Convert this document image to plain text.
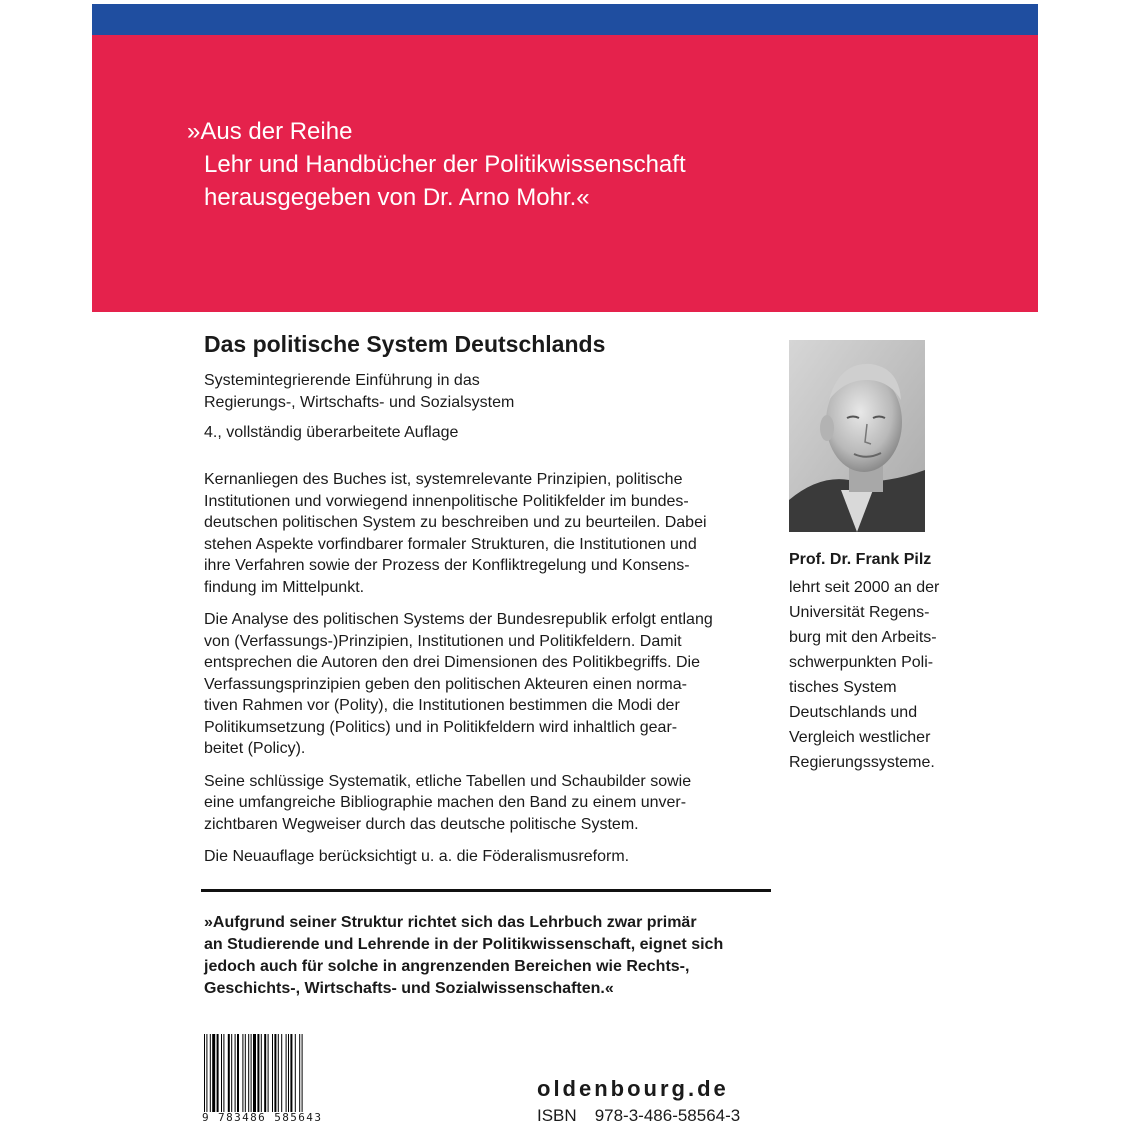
»Aus der Reihe
Lehr und Handbücher der Politikwissenschaft
herausgegeben von Dr. Arno Mohr.«
Das politische System Deutschlands
Systemintegrierende Einführung in das
Regierungs-, Wirtschafts- und Sozialsystem
4., vollständig überarbeitete Auflage

Kernanliegen des Buches ist, systemrelevante Prinzipien, politische
Institutionen und vorwiegend innenpolitische Politikfelder im bundes-
deutschen politischen System zu beschreiben und zu beurteilen. Dabei
stehen Aspekte vorfindbarer formaler Strukturen, die Institutionen und
ihre Verfahren sowie der Prozess der Konfliktregelung und Konsens-
findung im Mittelpunkt.

Die Analyse des politischen Systems der Bundesrepublik erfolgt entlang
von (Verfassungs-)Prinzipien, Institutionen und Politikfeldern. Damit
entsprechen die Autoren den drei Dimensionen des Politikbegriffs. Die
Verfassungsprinzipien geben den politischen Akteuren einen norma-
tiven Rahmen vor (Polity), die Institutionen bestimmen die Modi der
Politikumsetzung (Politics) und in Politikfeldern wird inhaltlich gear-
beitet (Policy).

Seine schlüssige Systematik, etliche Tabellen und Schaubilder sowie
eine umfangreiche Bibliographie machen den Band zu einem unver-
zichtbaren Wegweiser durch das deutsche politische System.

Die Neuauflage berücksichtigt u. a. die Föderalismusreform.

»Aufgrund seiner Struktur richtet sich das Lehrbuch zwar primär
an Studierende und Lehrende in der Politikwissenschaft, eignet sich
jedoch auch für solche in angrenzenden Bereichen wie Rechts-,
Geschichts-, Wirtschafts- und Sozialwissenschaften.«
Prof. Dr. Frank Pilz
lehrt seit 2000 an der
Universität Regens-
burg mit den Arbeits-
schwerpunkten Poli-
tisches System
Deutschlands und
Vergleich westlicher
Regierungssysteme.
9 783486 585643
oldenbourg.de
ISBN 978-3-486-58564-3
